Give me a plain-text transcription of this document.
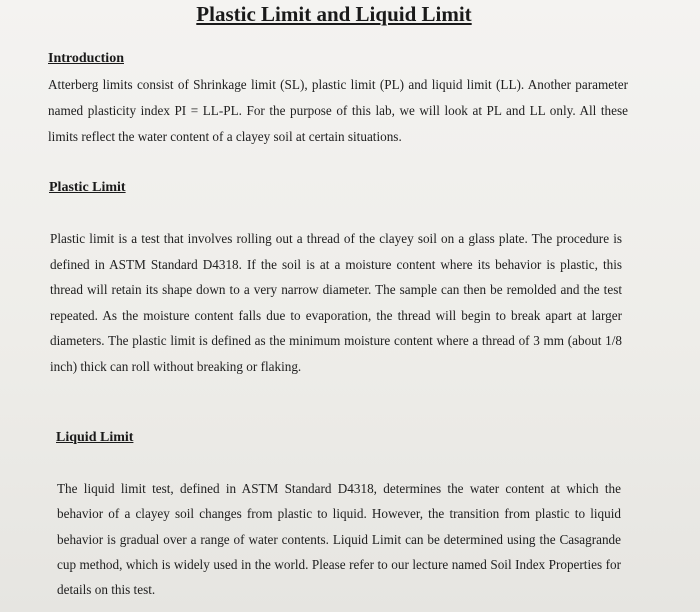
Plastic Limit and Liquid Limit
Introduction
Atterberg limits consist of Shrinkage limit (SL), plastic limit (PL) and liquid limit (LL). Another parameter named plasticity index PI = LL-PL. For the purpose of this lab, we will look at PL and LL only. All these limits reflect the water content of a clayey soil at certain situations.
Plastic Limit
Plastic limit is a test that involves rolling out a thread of the clayey soil on a glass plate. The procedure is defined in ASTM Standard D4318. If the soil is at a moisture content where its behavior is plastic, this thread will retain its shape down to a very narrow diameter. The sample can then be remolded and the test repeated. As the moisture content falls due to evaporation, the thread will begin to break apart at larger diameters. The plastic limit is defined as the minimum moisture content where a thread of 3 mm (about 1/8 inch) thick can roll without breaking or flaking.
Liquid Limit
The liquid limit test, defined in ASTM Standard D4318, determines the water content at which the behavior of a clayey soil changes from plastic to liquid. However, the transition from plastic to liquid behavior is gradual over a range of water contents. Liquid Limit can be determined using the Casagrande cup method, which is widely used in the world. Please refer to our lecture named Soil Index Properties for details on this test.
